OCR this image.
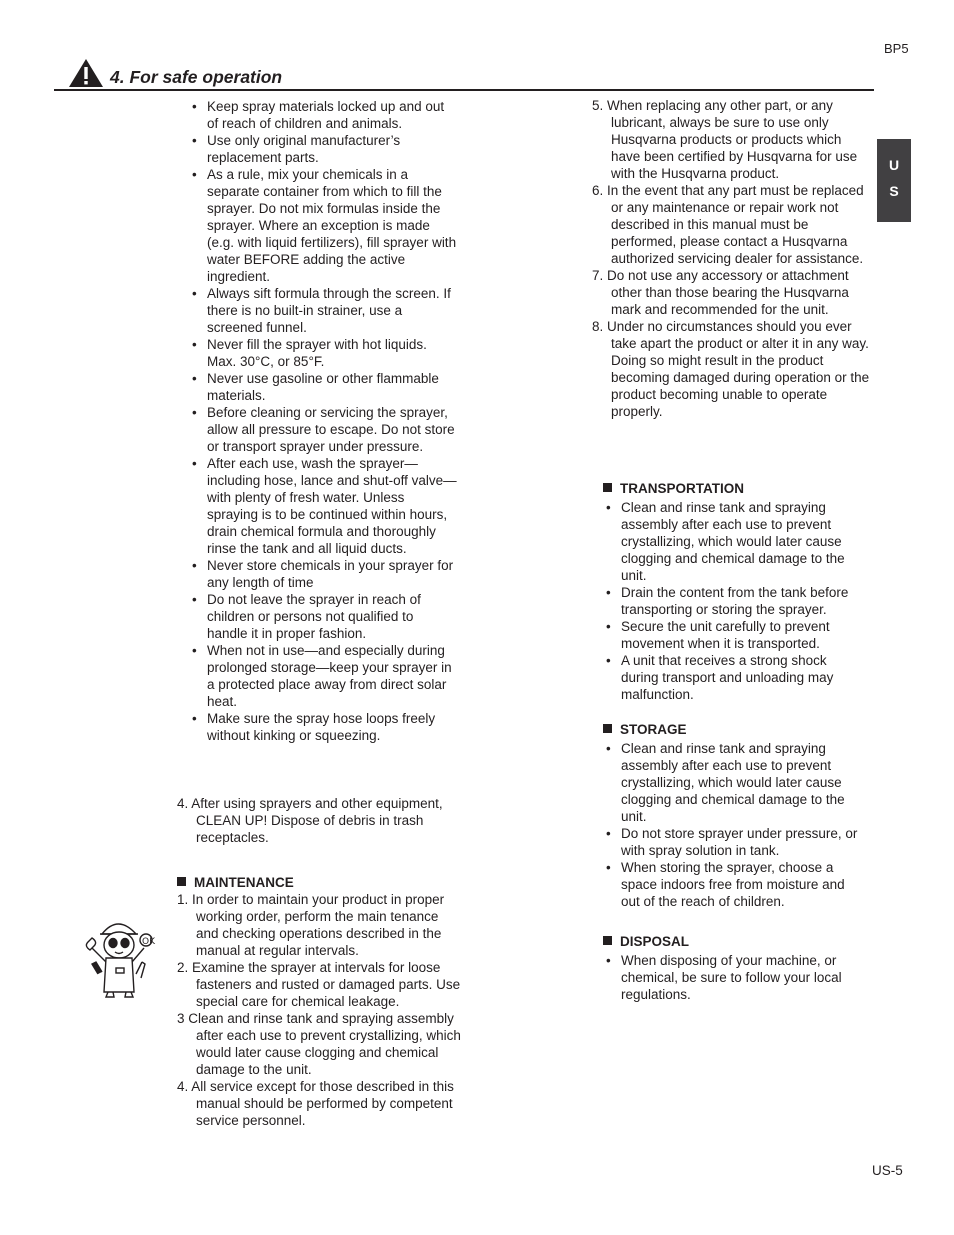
BP5
4. For safe operation
U
S
• Keep spray materials locked up and out of reach of children and animals.
• Use only original manufacturer’s replacement parts.
• As a rule, mix your chemicals in a separate container from which to fill the sprayer. Do not mix formulas inside the sprayer. Where an exception is made (e.g. with liquid fertilizers), fill sprayer with water BEFORE adding the active ingredient.
• Always sift formula through the screen. If there is no built-in strainer, use a screened funnel.
• Never fill the sprayer with hot liquids. Max. 30°C, or 85°F.
• Never use gasoline or other flammable materials.
• Before cleaning or servicing the sprayer, allow all pressure to escape. Do not store or transport sprayer under pressure.
• After each use, wash the sprayer—including hose, lance and shut-off valve—with plenty of fresh water. Unless spraying is to be continued within hours, drain chemical formula and thoroughly rinse the tank and all liquid ducts.
• Never store chemicals in your sprayer for any length of time
• Do not leave the sprayer in reach of children or persons not qualified to handle it in proper fashion.
• When not in use—and especially during prolonged storage—keep your sprayer in a protected place away from direct solar heat.
• Make sure the spray hose loops freely without kinking or squeezing.
4. After using sprayers and other equipment, CLEAN UP! Dispose of debris in trash receptacles.
MAINTENANCE
OK
1. In order to maintain your product in proper working order, perform the main tenance and checking operations described in the manual at regular intervals.
2. Examine the sprayer at intervals for loose fasteners and rusted or damaged parts. Use special care for chemical leakage.
3 Clean and rinse tank and spraying assembly after each use to prevent crystallizing, which would later cause clogging and chemical damage to the unit.
4. All service except for those described in this manual should be performed by competent service personnel.
5. When replacing any other part, or any lubricant, always be sure to use only Husqvarna products or products which have been certified by Husqvarna for use with the Husqvarna product.
6. In the event that any part must be replaced or any maintenance or repair work not described in this manual must be performed, please contact a Husqvarna authorized servicing dealer for assistance.
7. Do not use any accessory or attachment other than those bearing the Husqvarna mark and recommended for the unit.
8. Under no circumstances should you ever take apart the product or alter it in any way. Doing so might result in the product becoming damaged during operation or the product becoming unable to operate properly.
TRANSPORTATION
• Clean and rinse tank and spraying assembly after each use to prevent crystallizing, which would later cause clogging and chemical damage to the unit.
• Drain the content from the tank before transporting or storing the sprayer.
• Secure the unit carefully to prevent movement when it is transported.
• A unit that receives a strong shock during transport and unloading may malfunction.
STORAGE
• Clean and rinse tank and spraying assembly after each use to prevent crystallizing, which would later cause clogging and chemical damage to the unit.
• Do not store sprayer under pressure, or with spray solution in tank.
• When storing the sprayer, choose a space indoors free from moisture and out of the reach of children.
DISPOSAL
• When disposing of your machine, or chemical, be sure to follow your local regulations.
US-5
